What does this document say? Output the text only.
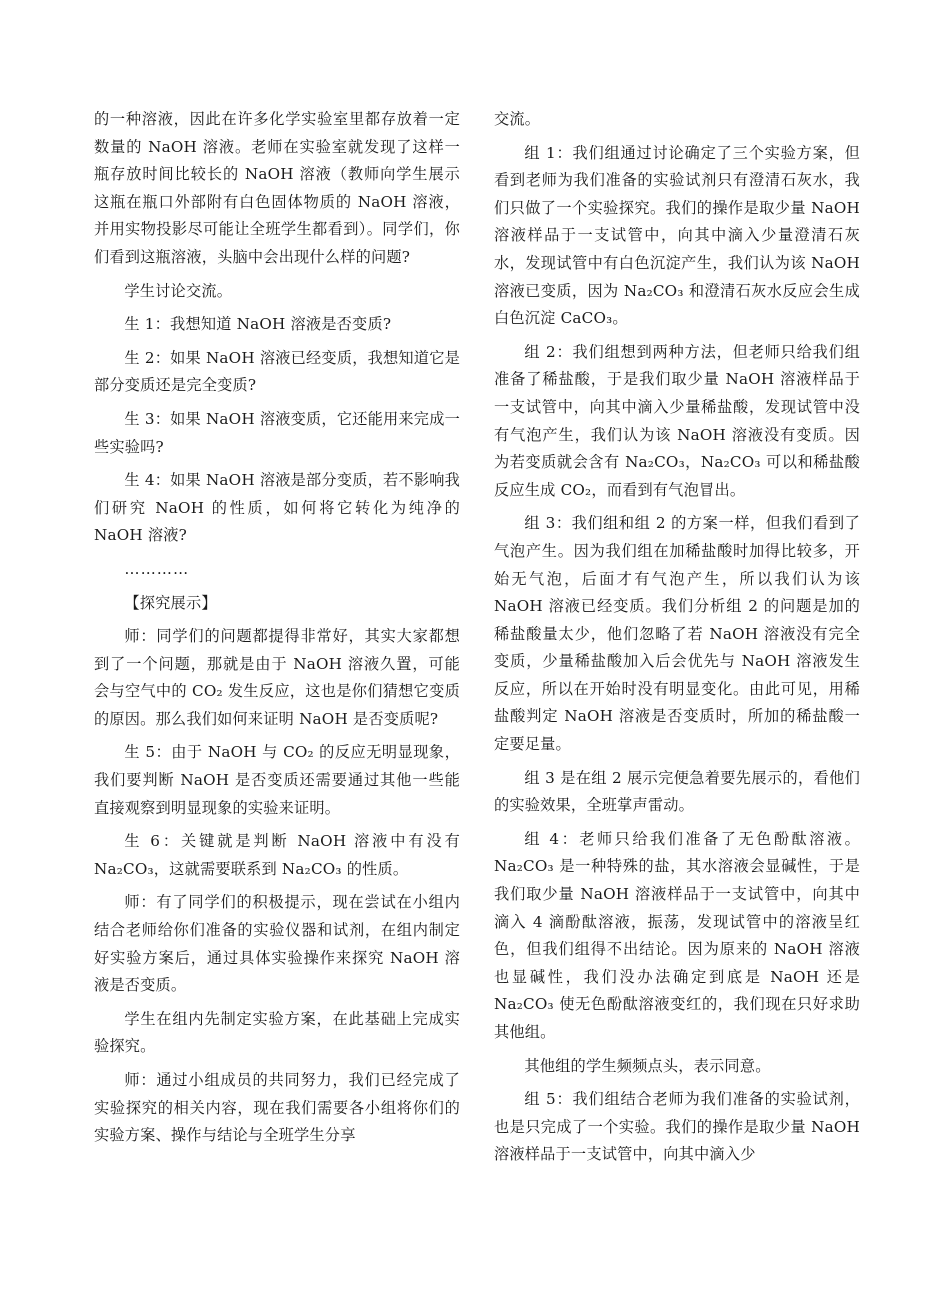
的一种溶液，因此在许多化学实验室里都存放着一定数量的 NaOH 溶液。老师在实验室就发现了这样一瓶存放时间比较长的 NaOH 溶液（教师向学生展示这瓶在瓶口外部附有白色固体物质的 NaOH 溶液，并用实物投影尽可能让全班学生都看到）。同学们，你们看到这瓶溶液，头脑中会出现什么样的问题?

学生讨论交流。

生 1：我想知道 NaOH 溶液是否变质?

生 2：如果 NaOH 溶液已经变质，我想知道它是部分变质还是完全变质?

生 3：如果 NaOH 溶液变质，它还能用来完成一些实验吗?

生 4：如果 NaOH 溶液是部分变质，若不影响我们研究 NaOH 的性质，如何将它转化为纯净的 NaOH 溶液?

…………

【探究展示】

师：同学们的问题都提得非常好，其实大家都想到了一个问题，那就是由于 NaOH 溶液久置，可能会与空气中的 CO₂ 发生反应，这也是你们猜想它变质的原因。那么我们如何来证明 NaOH 是否变质呢?

生 5：由于 NaOH 与 CO₂ 的反应无明显现象，我们要判断 NaOH 是否变质还需要通过其他一些能直接观察到明显现象的实验来证明。

生 6：关键就是判断 NaOH 溶液中有没有 Na₂CO₃，这就需要联系到 Na₂CO₃ 的性质。

师：有了同学们的积极提示，现在尝试在小组内结合老师给你们准备的实验仪器和试剂，在组内制定好实验方案后，通过具体实验操作来探究 NaOH 溶液是否变质。

学生在组内先制定实验方案，在此基础上完成实验探究。

师：通过小组成员的共同努力，我们已经完成了实验探究的相关内容，现在我们需要各小组将你们的实验方案、操作与结论与全班学生分享

交流。

组 1：我们组通过讨论确定了三个实验方案，但看到老师为我们准备的实验试剂只有澄清石灰水，我们只做了一个实验探究。我们的操作是取少量 NaOH 溶液样品于一支试管中，向其中滴入少量澄清石灰水，发现试管中有白色沉淀产生，我们认为该 NaOH 溶液已变质，因为 Na₂CO₃ 和澄清石灰水反应会生成白色沉淀 CaCO₃。

组 2：我们组想到两种方法，但老师只给我们组准备了稀盐酸，于是我们取少量 NaOH 溶液样品于一支试管中，向其中滴入少量稀盐酸，发现试管中没有气泡产生，我们认为该 NaOH 溶液没有变质。因为若变质就会含有 Na₂CO₃，Na₂CO₃ 可以和稀盐酸反应生成 CO₂，而看到有气泡冒出。

组 3：我们组和组 2 的方案一样，但我们看到了气泡产生。因为我们组在加稀盐酸时加得比较多，开始无气泡，后面才有气泡产生，所以我们认为该 NaOH 溶液已经变质。我们分析组 2 的问题是加的稀盐酸量太少，他们忽略了若 NaOH 溶液没有完全变质，少量稀盐酸加入后会优先与 NaOH 溶液发生反应，所以在开始时没有明显变化。由此可见，用稀盐酸判定 NaOH 溶液是否变质时，所加的稀盐酸一定要足量。

组 3 是在组 2 展示完便急着要先展示的，看他们的实验效果，全班掌声雷动。

组 4：老师只给我们准备了无色酚酞溶液。Na₂CO₃ 是一种特殊的盐，其水溶液会显碱性，于是我们取少量 NaOH 溶液样品于一支试管中，向其中滴入 4 滴酚酞溶液，振荡，发现试管中的溶液呈红色，但我们组得不出结论。因为原来的 NaOH 溶液也显碱性，我们没办法确定到底是 NaOH 还是 Na₂CO₃ 使无色酚酞溶液变红的，我们现在只好求助其他组。

其他组的学生频频点头，表示同意。

组 5：我们组结合老师为我们准备的实验试剂，也是只完成了一个实验。我们的操作是取少量 NaOH 溶液样品于一支试管中，向其中滴入少
